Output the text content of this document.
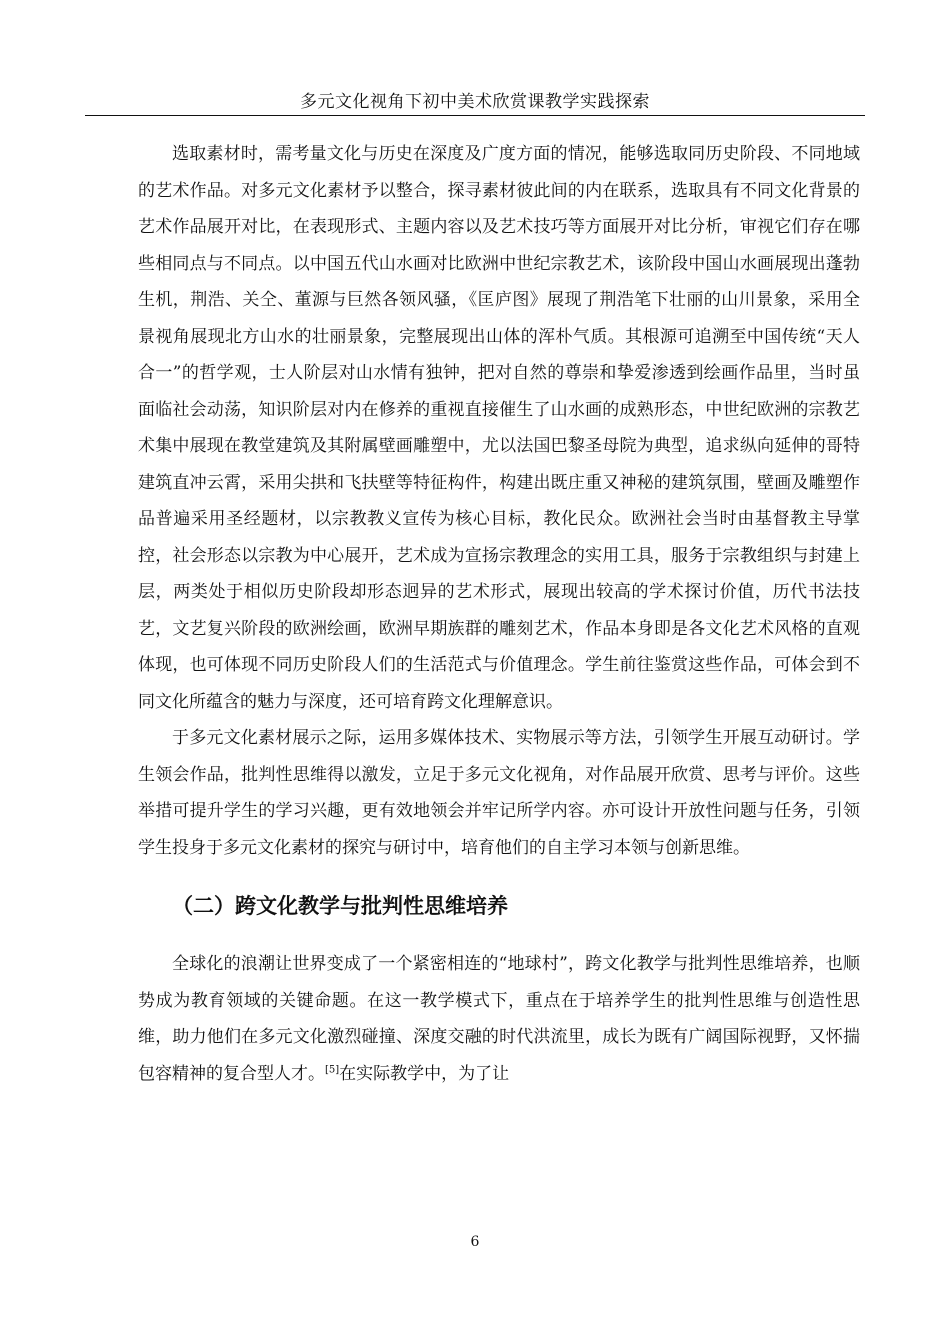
多元文化视角下初中美术欣赏课教学实践探索

选取素材时，需考量文化与历史在深度及广度方面的情况，能够选取同历史阶段、不同地域的艺术作品。对多元文化素材予以整合，探寻素材彼此间的内在联系，选取具有不同文化背景的艺术作品展开对比，在表现形式、主题内容以及艺术技巧等方面展开对比分析，审视它们存在哪些相同点与不同点。以中国五代山水画对比欧洲中世纪宗教艺术，该阶段中国山水画展现出蓬勃生机，荆浩、关仝、董源与巨然各领风骚，《匡庐图》展现了荆浩笔下壮丽的山川景象，采用全景视角展现北方山水的壮丽景象，完整展现出山体的浑朴气质。其根源可追溯至中国传统“天人合一”的哲学观，士人阶层对山水情有独钟，把对自然的尊崇和挚爱渗透到绘画作品里，当时虽面临社会动荡，知识阶层对内在修养的重视直接催生了山水画的成熟形态，中世纪欧洲的宗教艺术集中展现在教堂建筑及其附属壁画雕塑中，尤以法国巴黎圣母院为典型，追求纵向延伸的哥特建筑直冲云霄，采用尖拱和飞扶壁等特征构件，构建出既庄重又神秘的建筑氛围，壁画及雕塑作品普遍采用圣经题材，以宗教教义宣传为核心目标，教化民众。欧洲社会当时由基督教主导掌控，社会形态以宗教为中心展开，艺术成为宣扬宗教理念的实用工具，服务于宗教组织与封建上层，两类处于相似历史阶段却形态迥异的艺术形式，展现出较高的学术探讨价值，历代书法技艺，文艺复兴阶段的欧洲绘画，欧洲早期族群的雕刻艺术，作品本身即是各文化艺术风格的直观体现，也可体现不同历史阶段人们的生活范式与价值理念。学生前往鉴赏这些作品，可体会到不同文化所蕴含的魅力与深度，还可培育跨文化理解意识。

于多元文化素材展示之际，运用多媒体技术、实物展示等方法，引领学生开展互动研讨。学生领会作品，批判性思维得以激发，立足于多元文化视角，对作品展开欣赏、思考与评价。这些举措可提升学生的学习兴趣，更有效地领会并牢记所学内容。亦可设计开放性问题与任务，引领学生投身于多元文化素材的探究与研讨中，培育他们的自主学习本领与创新思维。

（二）跨文化教学与批判性思维培养

全球化的浪潮让世界变成了一个紧密相连的“地球村”，跨文化教学与批判性思维培养，也顺势成为教育领域的关键命题。在这一教学模式下，重点在于培养学生的批判性思维与创造性思维，助力他们在多元文化激烈碰撞、深度交融的时代洪流里，成长为既有广阔国际视野，又怀揣包容精神的复合型人才。[5]在实际教学中，为了让

6
